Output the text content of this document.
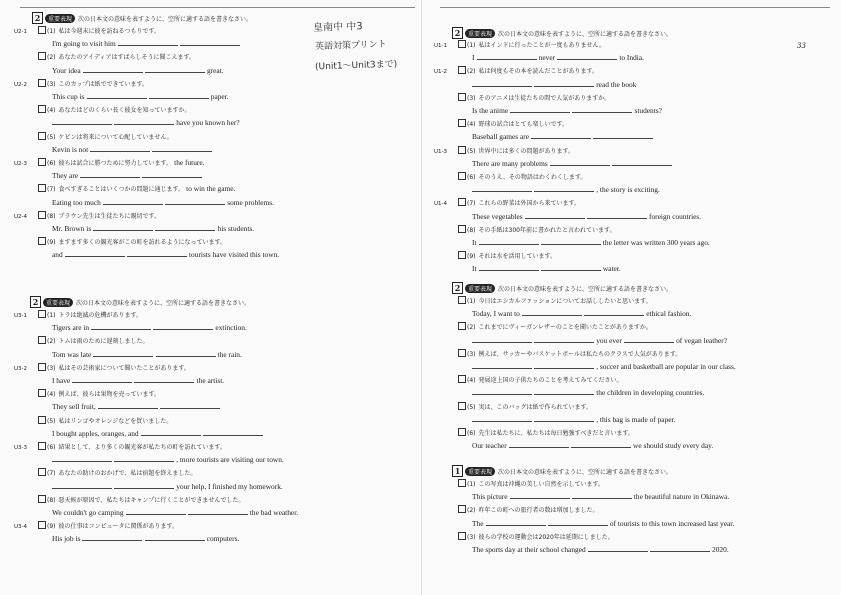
33
皇南中 中3
英語対策プリント
(Unit1〜Unit3まで)
2 重要表現 次の日本文の意味を表すように、空所に適する語を書きなさい。
U2-1	(1) 私は今週末に彼を訪ねるつもりです。
I'm going to visit him
(2) あなたのアイディアはすばらしそうに聞こえます。
Your idea	great.
U2-2	(3) このカップは紙でできています。
This cup is	paper.
(4) あなたはどのくらい長く彼女を知っていますか。
have you known her?
(5) ケビンは将来について心配していません。
Kevin is not
U2-3	(6) 彼らは試合に勝つために努力しています。 the future.
They are
(7) 食べすぎることはいくつかの問題に通じます。 to win the game.
Eating too much	some problems.
U2-4	(8) ブラウン先生は生徒たちに親切です。
Mr. Brown is	his students.
(9) ますます多くの観光客がこの町を訪れるようになっています。
and	tourists have visited this town.
2 重要表現 次の日本文の意味を表すように、空所に適する語を書きなさい。
U3-1	(1) トラは絶滅の危機があります。
Tigers are in	extinction.
(2) トムは雨のために遅刻しました。
Tom was late	the rain.
U3-2	(3) 私はその芸術家について聞いたことがあります。
I have	the artist.
(4) 例えば、彼らは果物を売っています。
They sell fruit,
(5) 私はリンゴやオレンジなどを買いました。
I bought apples, oranges, and
U3-3	(6) 結果として、より多くの観光客が私たちの町を訪れています。
, more tourists are visiting our town.
(7) あなたの助けのおかげで、私は宿題を終えました。
your help, I finished my homework.
(8) 悪天候が原因で、私たちはキャンプに行くことができませんでした。
We couldn't go camping	the bad weather.
U3-4	(9) 彼の仕事はコンピュータに関係があります。
His job is	computers.
2 重要表現 次の日本文の意味を表すように、空所に適する語を書きなさい。
U1-1	(1) 私はインドに行ったことが一度もありません。
I	never	to India.
U1-2	(2) 私は何度もその本を読んだことがあります。
read the book
(3) そのアニメは生徒たちの間で人気がありますか。
Is the anime	students?
(4) 野球の試合はとても楽しいです。
Baseball games are
U1-3	(5) 世界中には多くの問題があります。
There are many problems
(6) そのうえ、その物語はわくわくします。
, the story is exciting.
U1-4	(7) これらの野菜は外国から来ています。
These vegetables	foreign countries.
(8) その手紙は300年前に書かれたと言われています。
It	the letter was written 300 years ago.
(9) それは水を活用しています。
It	water.
2 重要表現 次の日本文の意味を表すように、空所に適する語を書きなさい。
(1) 今日はエシカルファッションについてお話ししたいと思います。
Today, I want to	ethical fashion.
(2) これまでにヴィーガンレザーのことを聞いたことがありますか。
you ever	of vegan leather?
(3) 例えば、サッカーやバスケットボールは私たちのクラスで人気があります。
, soccer and basketball are popular in our class.
(4) 発展途上国の子供たちのことを考えてみてください。
the children in developing countries.
(5) 実は、このバッグは紙で作られています。
, this bag is made of paper.
(6) 先生は私たちに、私たちは毎日勉強すべきだと言います。
Our teacher	we should study every day.
1 重要表現 次の日本文の意味を表すように、空所に適する語を書きなさい。
(1) この写真は沖縄の美しい自然を示しています。
This picture	the beautiful nature in Okinawa.
(2) 昨年この町への旅行者の数は増加しました。
The	of tourists to this town increased last year.
(3) 彼らの学校の運動会は2020年は延期にしました。
The sports day at their school changed	2020.
